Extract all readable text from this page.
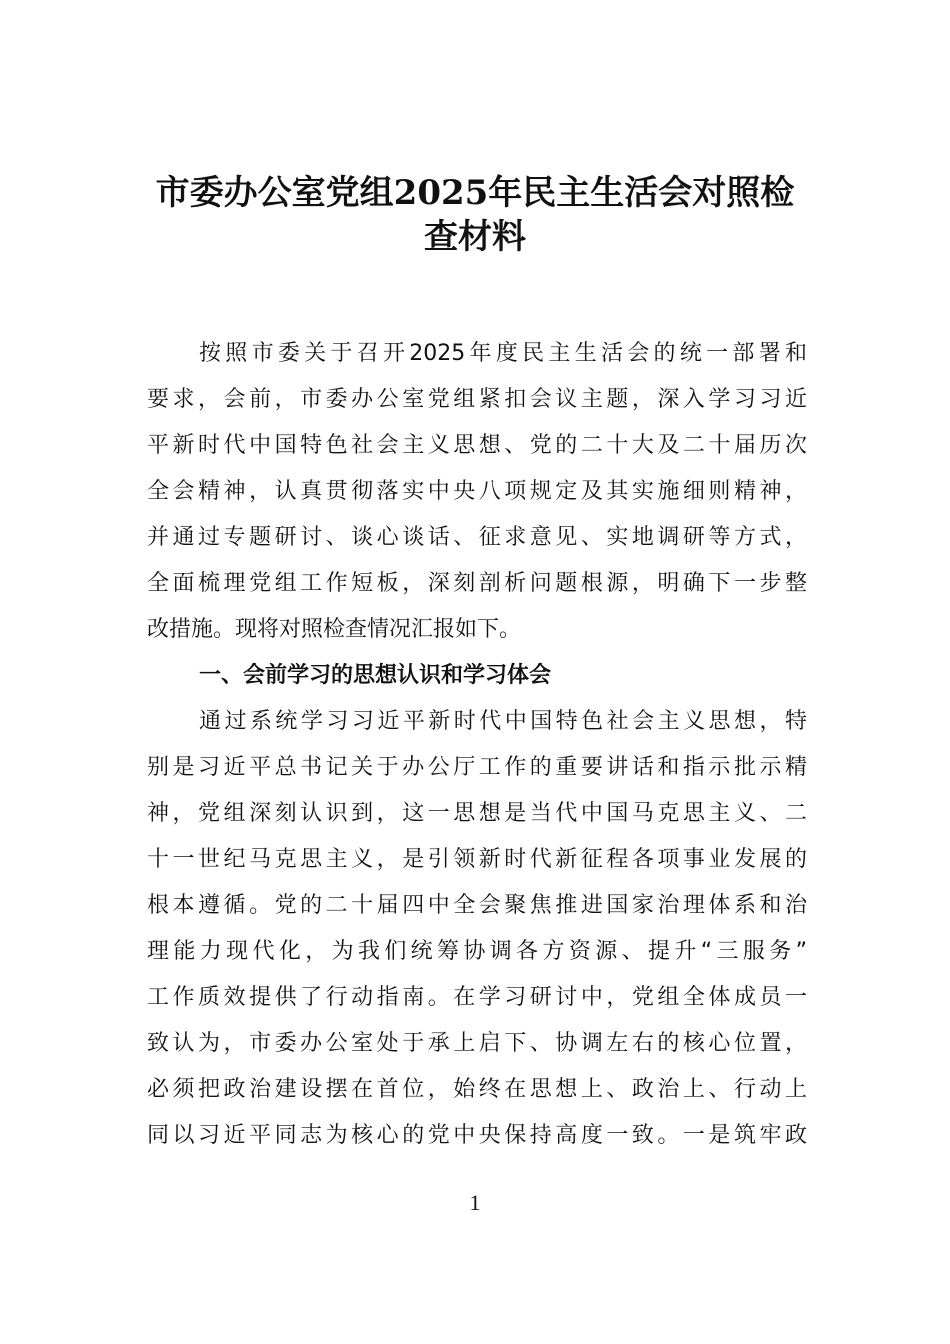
市委办公室党组2025年民主生活会对照检
查材料
按照市委关于召开2025年度民主生活会的统一部署和
要求，会前，市委办公室党组紧扣会议主题，深入学习习近
平新时代中国特色社会主义思想、党的二十大及二十届历次
全会精神，认真贯彻落实中央八项规定及其实施细则精神，
并通过专题研讨、谈心谈话、征求意见、实地调研等方式，
全面梳理党组工作短板，深刻剖析问题根源，明确下一步整
改措施。现将对照检查情况汇报如下。
一、会前学习的思想认识和学习体会
通过系统学习习近平新时代中国特色社会主义思想，特
别是习近平总书记关于办公厅工作的重要讲话和指示批示精
神，党组深刻认识到，这一思想是当代中国马克思主义、二
十一世纪马克思主义，是引领新时代新征程各项事业发展的
根本遵循。党的二十届四中全会聚焦推进国家治理体系和治
理能力现代化，为我们统筹协调各方资源、提升“三服务”
工作质效提供了行动指南。在学习研讨中，党组全体成员一
致认为，市委办公室处于承上启下、协调左右的核心位置，
必须把政治建设摆在首位，始终在思想上、政治上、行动上
同以习近平同志为核心的党中央保持高度一致。一是筑牢政
1
